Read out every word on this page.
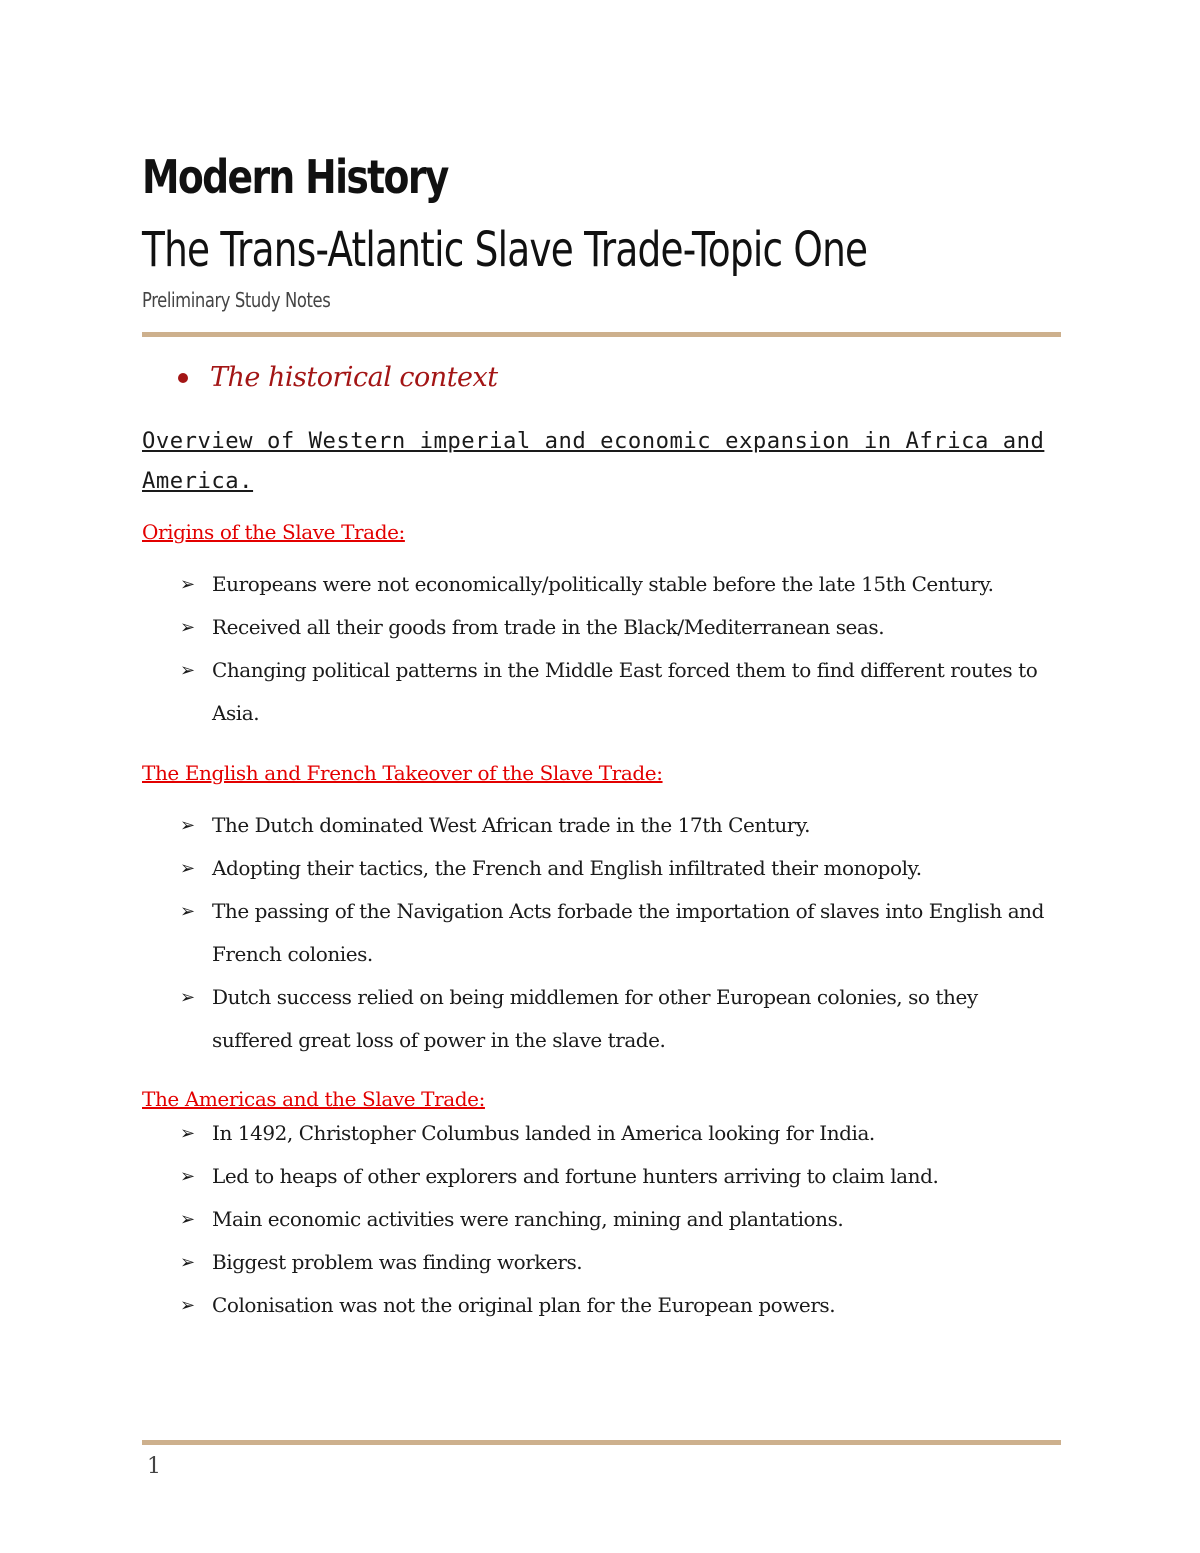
Modern History
The Trans-Atlantic Slave Trade-Topic One
Preliminary Study Notes
The historical context
Overview of Western imperial and economic expansion in Africa and America.
Origins of the Slave Trade:
➢ Europeans were not economically/politically stable before the late 15th Century.
➢ Received all their goods from trade in the Black/Mediterranean seas.
➢ Changing political patterns in the Middle East forced them to find different routes to Asia.
The English and French Takeover of the Slave Trade:
➢ The Dutch dominated West African trade in the 17th Century.
➢ Adopting their tactics, the French and English infiltrated their monopoly.
➢ The passing of the Navigation Acts forbade the importation of slaves into English and French colonies.
➢ Dutch success relied on being middlemen for other European colonies, so they suffered great loss of power in the slave trade.
The Americas and the Slave Trade:
➢ In 1492, Christopher Columbus landed in America looking for India.
➢ Led to heaps of other explorers and fortune hunters arriving to claim land.
➢ Main economic activities were ranching, mining and plantations.
➢ Biggest problem was finding workers.
➢ Colonisation was not the original plan for the European powers.
1
